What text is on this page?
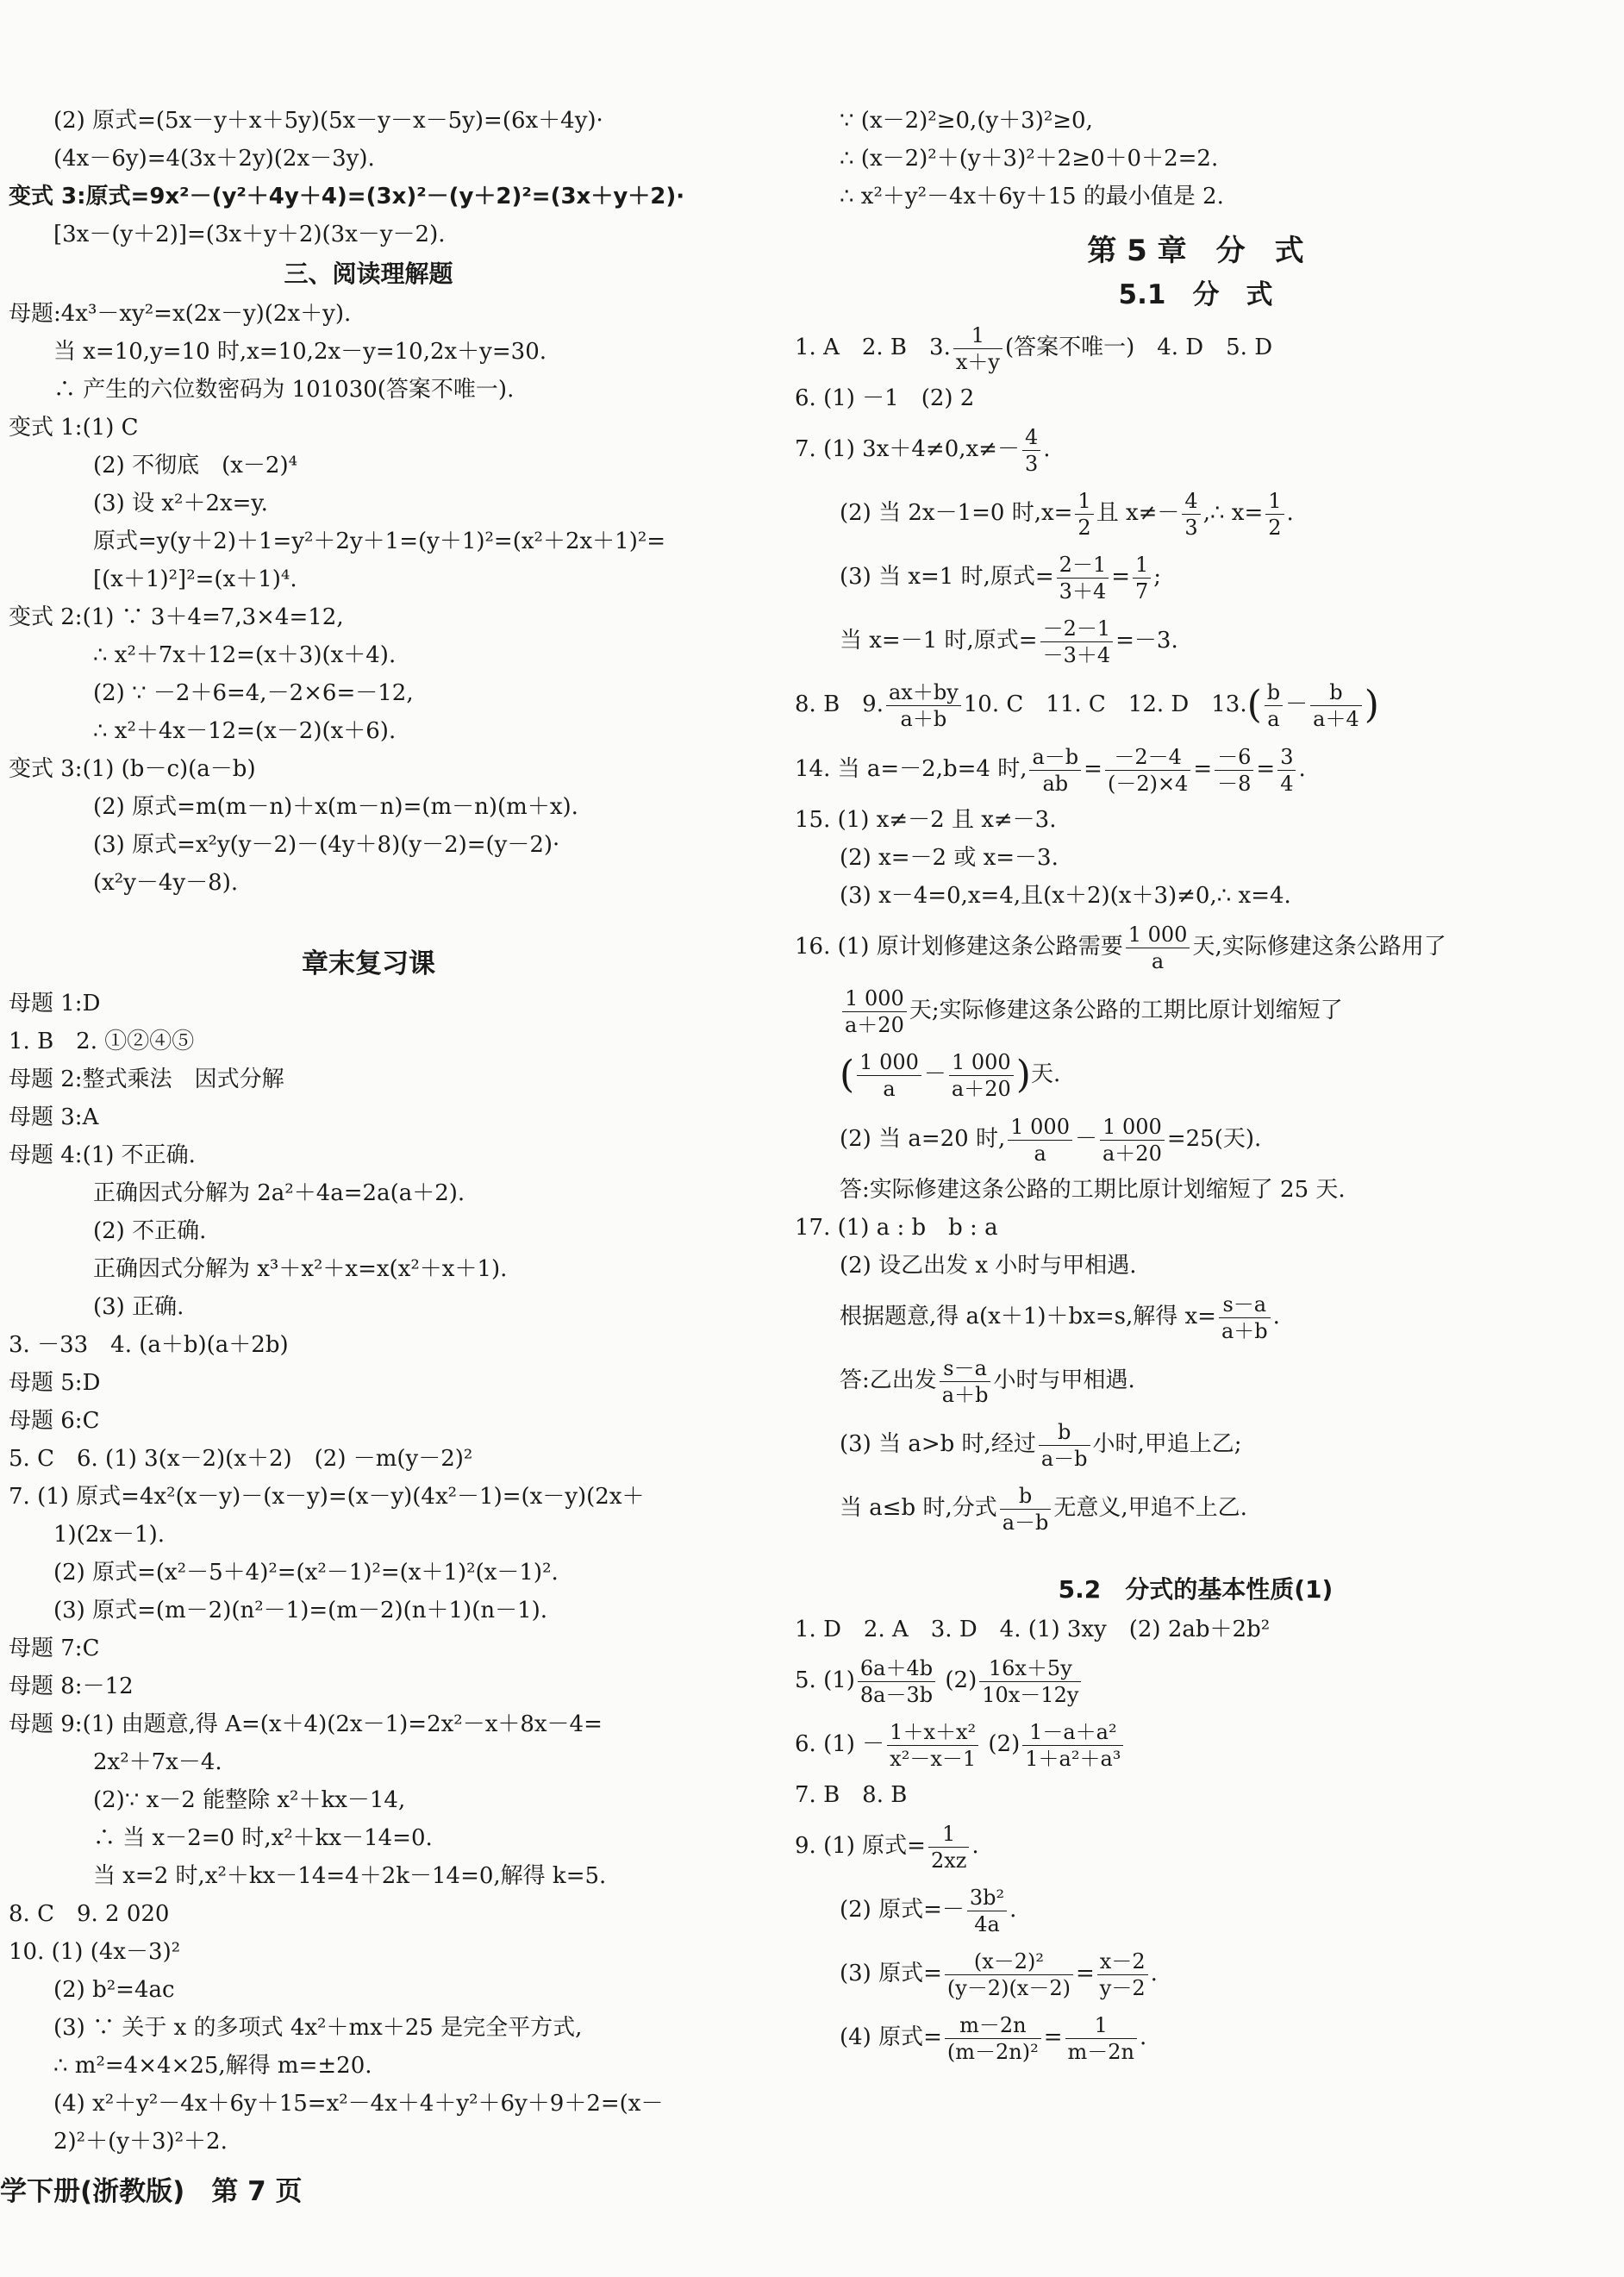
(2) 原式=(5x－y＋x＋5y)(5x－y－x－5y)=(6x＋4y)·
(4x－6y)=4(3x＋2y)(2x－3y).
变式 3:原式=9x²－(y²＋4y＋4)=(3x)²－(y＋2)²=(3x＋y＋2)·
[3x－(y＋2)]=(3x＋y＋2)(3x－y－2).
三、阅读理解题
母题:4x³－xy²=x(2x－y)(2x＋y).
当 x=10,y=10 时,x=10,2x－y=10,2x＋y=30.
∴ 产生的六位数密码为 101030(答案不唯一).
变式 1:(1) C
(2) 不彻底　(x－2)⁴
(3) 设 x²＋2x=y.
原式=y(y＋2)＋1=y²＋2y＋1=(y＋1)²=(x²＋2x＋1)²=
[(x＋1)²]²=(x＋1)⁴.
变式 2:(1) ∵ 3＋4=7,3×4=12,
∴ x²＋7x＋12=(x＋3)(x＋4).
(2) ∵ －2＋6=4,－2×6=－12,
∴ x²＋4x－12=(x－2)(x＋6).
变式 3:(1) (b－c)(a－b)
(2) 原式=m(m－n)＋x(m－n)=(m－n)(m＋x).
(3) 原式=x²y(y－2)－(4y＋8)(y－2)=(y－2)·
(x²y－4y－8).
章末复习课
母题 1:D
1. B　2. ①②④⑤
母题 2:整式乘法　因式分解
母题 3:A
母题 4:(1) 不正确.
正确因式分解为 2a²＋4a=2a(a＋2).
(2) 不正确.
正确因式分解为 x³＋x²＋x=x(x²＋x＋1).
(3) 正确.
3. －33　4. (a＋b)(a＋2b)
母题 5:D
母题 6:C
5. C　6. (1) 3(x－2)(x＋2)　(2) －m(y－2)²
7. (1) 原式=4x²(x－y)－(x－y)=(x－y)(4x²－1)=(x－y)(2x＋
1)(2x－1).
(2) 原式=(x²－5＋4)²=(x²－1)²=(x＋1)²(x－1)².
(3) 原式=(m－2)(n²－1)=(m－2)(n＋1)(n－1).
母题 7:C
母题 8:－12
母题 9:(1) 由题意,得 A=(x＋4)(2x－1)=2x²－x＋8x－4=
2x²＋7x－4.
(2)∵ x－2 能整除 x²＋kx－14,
∴ 当 x－2=0 时,x²＋kx－14=0.
当 x=2 时,x²＋kx－14=4＋2k－14=0,解得 k=5.
8. C　9. 2 020
10. (1) (4x－3)²
(2) b²=4ac
(3) ∵ 关于 x 的多项式 4x²＋mx＋25 是完全平方式,
∴ m²=4×4×25,解得 m=±20.
(4) x²＋y²－4x＋6y＋15=x²－4x＋4＋y²＋6y＋9＋2=(x－
2)²＋(y＋3)²＋2.
∵ (x－2)²≥0,(y＋3)²≥0,
∴ (x－2)²＋(y＋3)²＋2≥0＋0＋2=2.
∴ x²＋y²－4x＋6y＋15 的最小值是 2.
第 5 章　分　式
5.1　分　式
1. A　2. B　3. $\frac{1}{x+y}$ (答案不唯一)　4. D　5. D
6. (1) －1　(2) 2
7. (1) $3x+4\ne 0,x\ne- \frac{4}{3}$ .
(2) 当 2x－1=0 时$,x= \frac{1}{2}$ 且 $x\ne- \frac{4}{3}$ ,∴ $x= \frac{1}{2}$ .
(3) 当 x=1 时,原式= $\frac{2-1}{3+4} = \frac{1}{7}$ ;
当 x=－1 时,原式= $\frac{-2-1}{-3+4} =-3$.
8. B　9. $\frac{ax+by}{a+b} 10$. C　11. C　12. D　$13.( \frac{b}{a} - \frac{b}{a+4}$ )
14. 当 a=－2,b=4 时, $\frac{a-b}{ab} = \frac{-2-4}{(-2)\times 4} = \frac{-6}{-8} = \frac{3}{4}$ .
15. (1) x≠－2 且 x≠－3.
(2) x=－2 或 x=－3.
(3) x－4=0,x=4,且(x＋2)(x＋3)≠0,∴ x=4.
16. (1) 原计划修建这条公路需要 $\frac{1 000}{a}$ 天,实际修建这条公路用了
$\frac{1 000}{a+20}$ 天;实际修建这条公路的工期比原计划缩短了
( $\frac{1 000}{a} - \frac{1 000}{a+20}$ )天.
(2) 当 a=20 时, $\frac{1 000}{a} - \frac{1 000}{a+20} =25$(天).
答:实际修建这条公路的工期比原计划缩短了 25 天.
17. (1) a : b　b : a
(2) 设乙出发 x 小时与甲相遇.
根据题意,得 a(x＋1)＋bx=s,解得 $x= \frac{s-a}{a+b}$ .
答:乙出发 $\frac{s-a}{a+b}$ 小时与甲相遇.
(3) 当 a>b 时,经过 $\frac{b}{a-b}$ 小时,甲追上乙;
当 a≤b 时,分式 $\frac{b}{a-b}$ 无意义,甲追不上乙.
5.2　分式的基本性质(1)
1. D　2. A　3. D　4. (1) 3xy　(2) 2ab＋2b²
5. $(1) \frac{6a+4b}{8a-3b} (2) \frac{16x+5y}{10x-12y}$
6. $(1) - \frac{\text{1＋x＋x²}}{\text{x²－x－1}} (2) \frac{\text{1－a＋a²}}{\text{1＋a²＋a³}}$
7. B　8. B
9. (1) 原式= $\frac{1}{2xz}$ .
(2) 原式=－ $\frac{\text{3b²}}{4a}$ .
(3) 原式= $\frac{\text{(x－2)²}}{(y-2)(x-2)} = \frac{x-2}{y-2}$ .
(4) 原式= $\frac{m-2n}{\text{(m－2n)²}} = \frac{1}{m-2n}$ .
学下册(浙教版)　第 7 页
